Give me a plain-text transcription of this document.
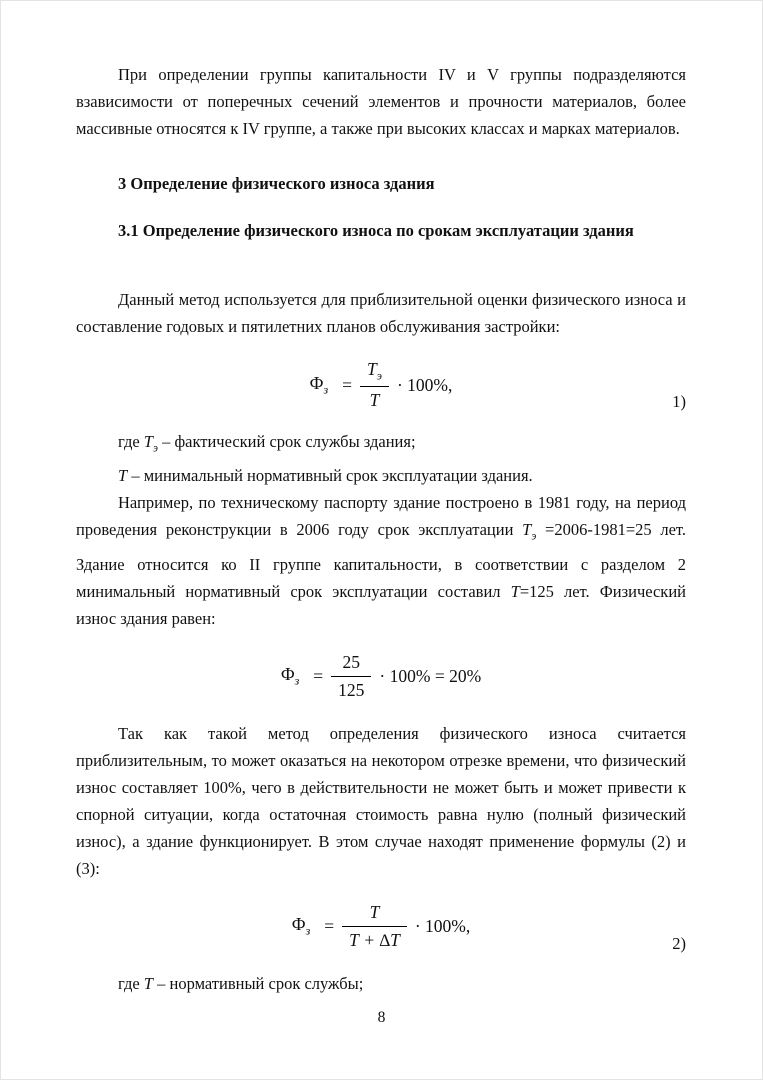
При определении группы капитальности IV и V группы подразделяются взависимости от поперечных сечений элементов и прочности материалов, более массивные относятся к IV группе, а также при высоких классах и марках материалов.

3 Определение физического износа здания

3.1 Определение физического износа по срокам эксплуатации здания

Данный метод используется для приблизительной оценки физического износа и составление годовых и пятилетних планов обслуживания застройки:

$Ф_з = \frac{Т_э}{Т} \cdot 100\%$,
1)

где $Т_э$ – фактический срок службы здания;

Т – минимальный нормативный срок эксплуатации здания.

Например, по техническому паспорту здание построено в 1981 году, на период проведения реконструкции в 2006 году срок эксплуатации $Т_э =2006-1981=25$ лет. Здание относится ко II группе капитальности, в соответствии с разделом 2 минимальный нормативный срок эксплуатации составил Т=125 лет. Физический износ здания равен:

$Ф_з = \frac{25}{125} \cdot 100\% = 20\%$

Так как такой метод определения физического износа считается приблизительным, то может оказаться на некотором отрезке времени, что физический износ составляет 100%, чего в действительности не может быть и может привести к спорной ситуации, когда остаточная стоимость равна нулю (полный физический износ), а здание функционирует. В этом случае находят применение формулы (2) и (3):

$Ф_з = \frac{Т}{Т + \Delta Т} \cdot 100\%$,
2)

где Т – нормативный срок службы;

8
